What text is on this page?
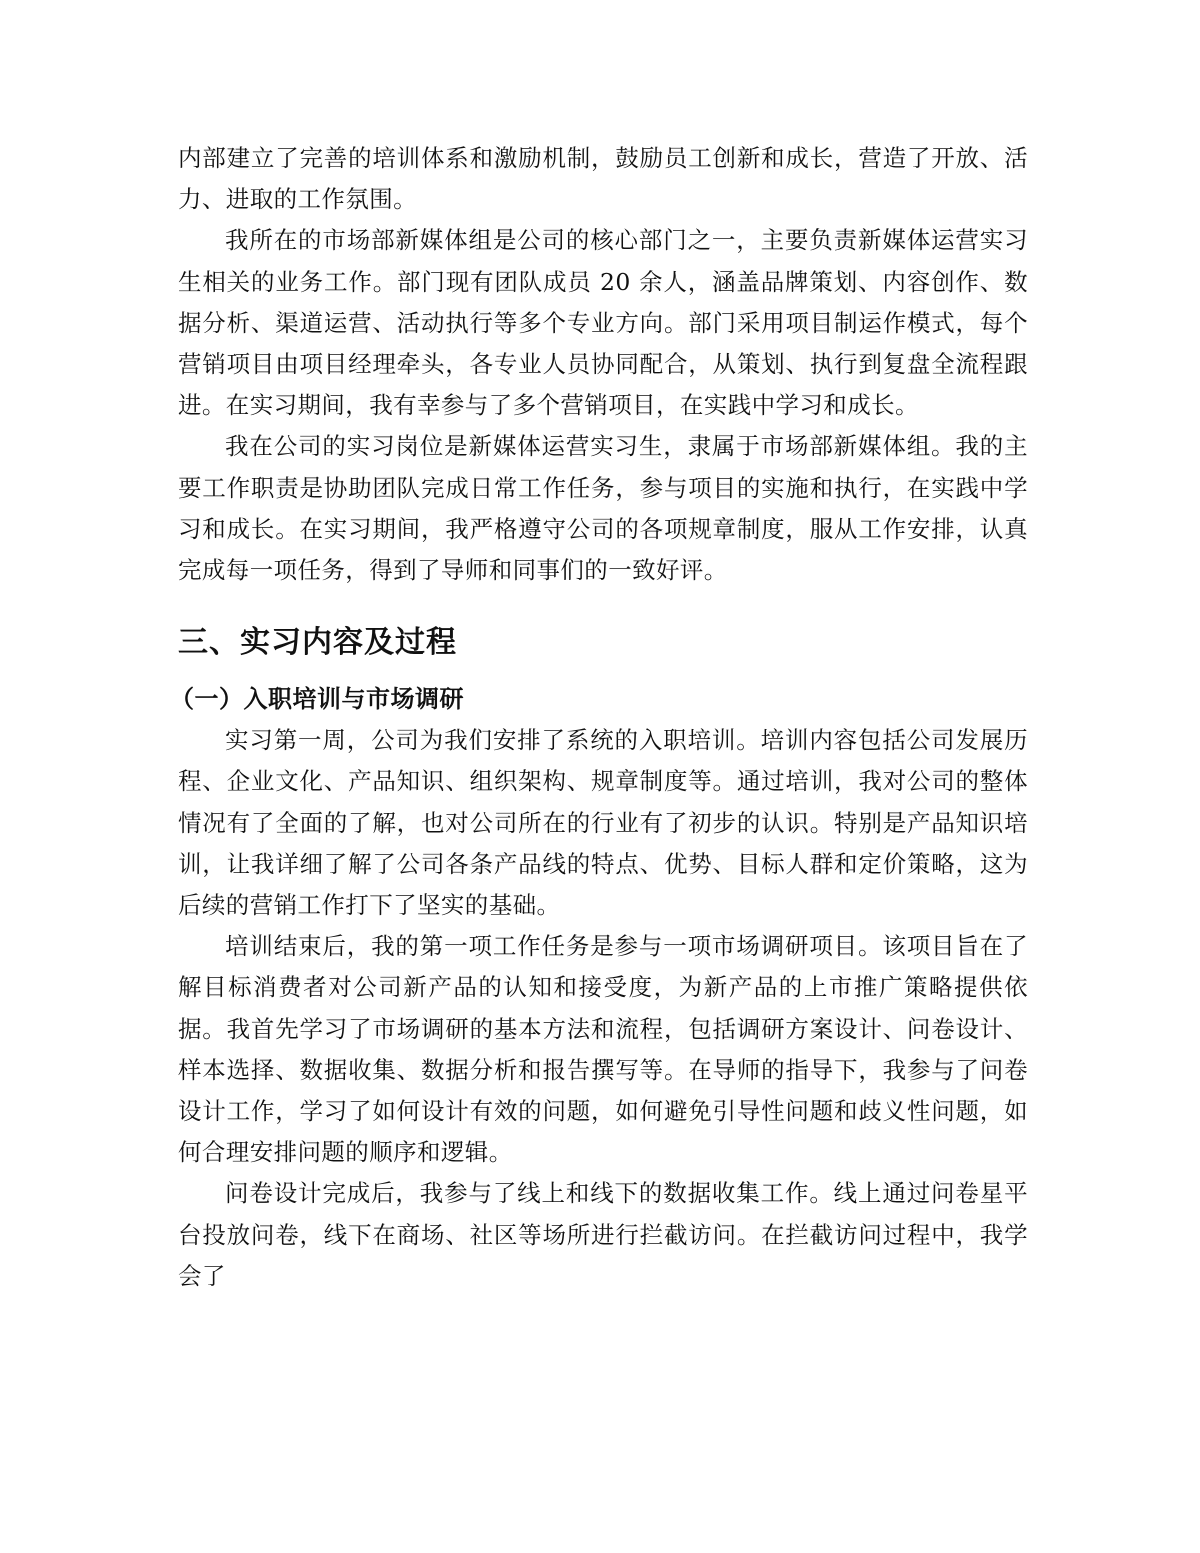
内部建立了完善的培训体系和激励机制，鼓励员工创新和成长，营造了开放、活力、进取的工作氛围。

我所在的市场部新媒体组是公司的核心部门之一，主要负责新媒体运营实习生相关的业务工作。部门现有团队成员 20 余人，涵盖品牌策划、内容创作、数据分析、渠道运营、活动执行等多个专业方向。部门采用项目制运作模式，每个营销项目由项目经理牵头，各专业人员协同配合，从策划、执行到复盘全流程跟进。在实习期间，我有幸参与了多个营销项目，在实践中学习和成长。

我在公司的实习岗位是新媒体运营实习生，隶属于市场部新媒体组。我的主要工作职责是协助团队完成日常工作任务，参与项目的实施和执行，在实践中学习和成长。在实习期间，我严格遵守公司的各项规章制度，服从工作安排，认真完成每一项任务，得到了导师和同事们的一致好评。

三、实习内容及过程
（一）入职培训与市场调研

实习第一周，公司为我们安排了系统的入职培训。培训内容包括公司发展历程、企业文化、产品知识、组织架构、规章制度等。通过培训，我对公司的整体情况有了全面的了解，也对公司所在的行业有了初步的认识。特别是产品知识培训，让我详细了解了公司各条产品线的特点、优势、目标人群和定价策略，这为后续的营销工作打下了坚实的基础。

培训结束后，我的第一项工作任务是参与一项市场调研项目。该项目旨在了解目标消费者对公司新产品的认知和接受度，为新产品的上市推广策略提供依据。我首先学习了市场调研的基本方法和流程，包括调研方案设计、问卷设计、样本选择、数据收集、数据分析和报告撰写等。在导师的指导下，我参与了问卷设计工作，学习了如何设计有效的问题，如何避免引导性问题和歧义性问题，如何合理安排问题的顺序和逻辑。

问卷设计完成后，我参与了线上和线下的数据收集工作。线上通过问卷星平台投放问卷，线下在商场、社区等场所进行拦截访问。在拦截访问过程中，我学会了
